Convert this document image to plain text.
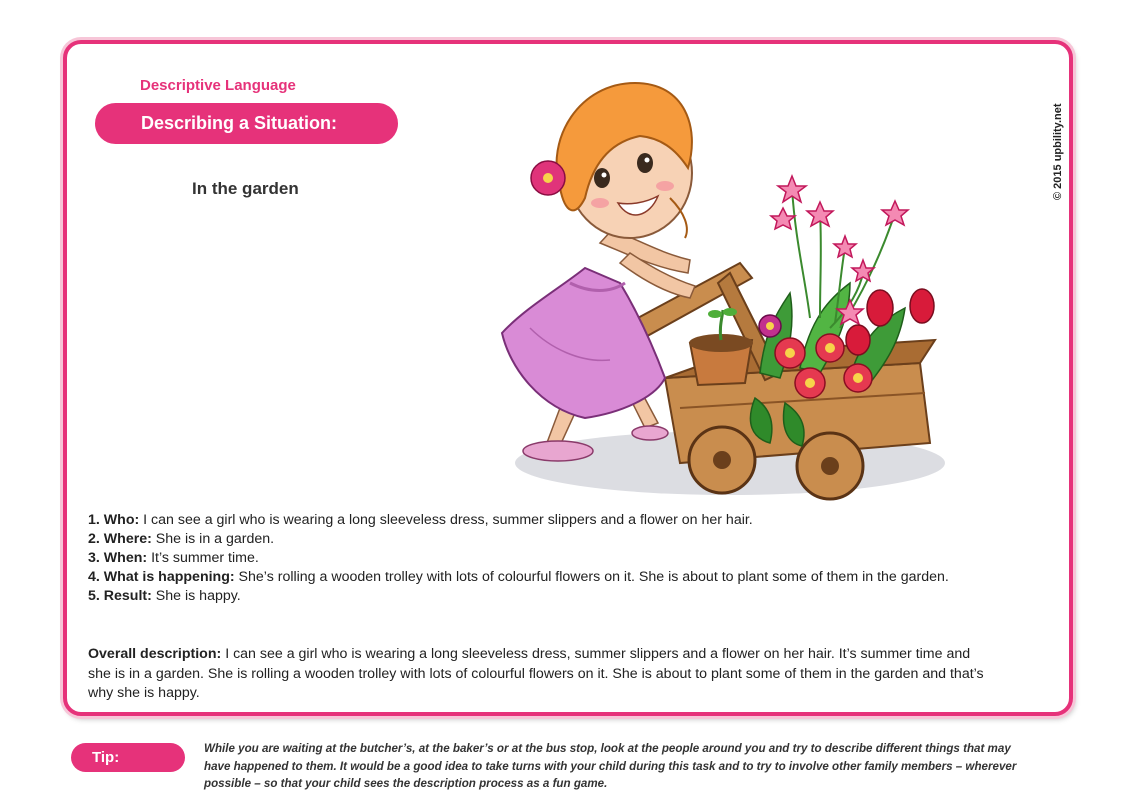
Descriptive Language
Describing a Situation:
In the garden	© 2015 upbility.net

1. Who: I can see a girl who is wearing a long sleeveless dress, summer slippers and a flower on her hair.

2. Where: She is in a garden.

3. When: It’s summer time.

4. What is happening: She’s rolling a wooden trolley with lots of colourful flowers on it. She is about to plant some of them in the garden.

5. Result: She is happy.

Overall description: I can see a girl who is wearing a long sleeveless dress, summer slippers and a flower on her hair. It’s summer time and she is in a garden. She is rolling a wooden trolley with lots of colourful flowers on it. She is about to plant some of them in the garden and that’s why she is happy.

Tip:

While you are waiting at the butcher’s, at the baker’s or at the bus stop, look at the people around you and try to describe different things that may have happened to them. It would be a good idea to take turns with your child during this task and to try to involve other family members – wherever possible – so that your child sees the description process as a fun game.
